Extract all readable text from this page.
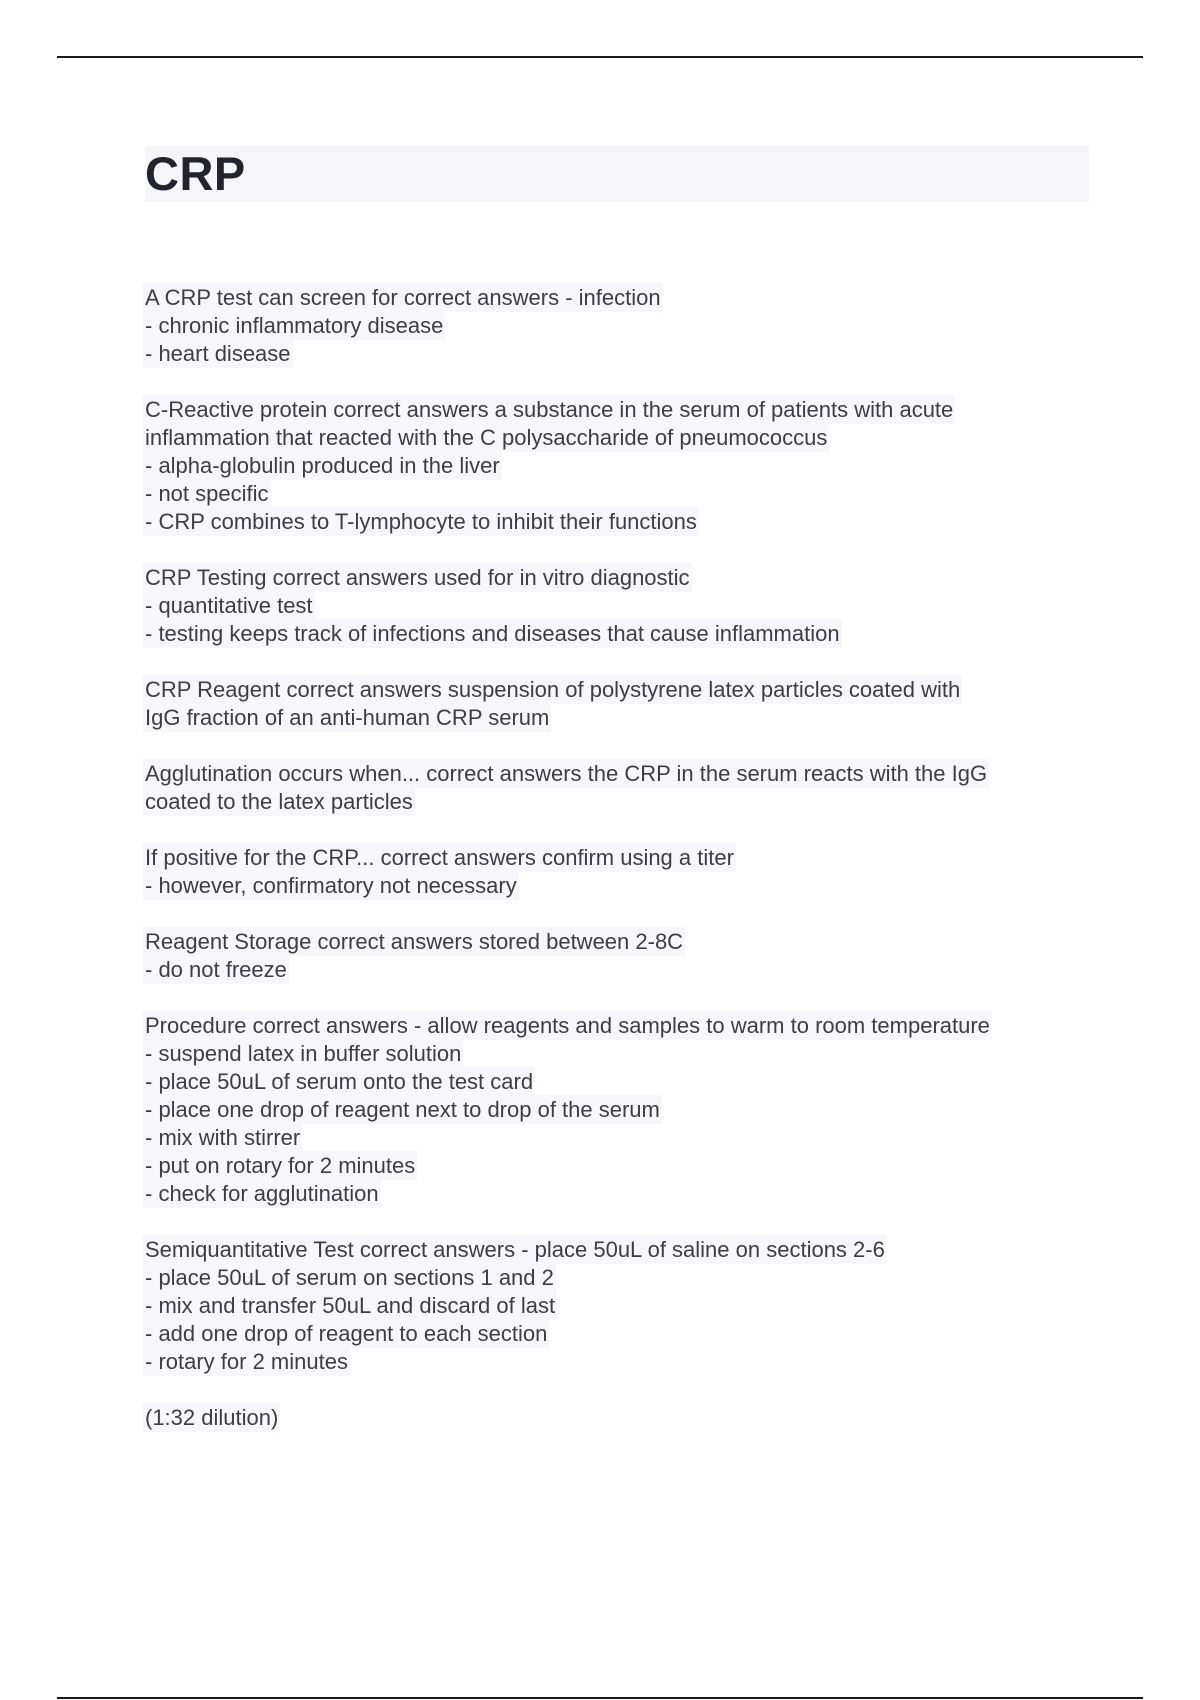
CRP
A CRP test can screen for correct answers - infection
- chronic inflammatory disease
- heart disease
C-Reactive protein correct answers a substance in the serum of patients with acute
inflammation that reacted with the C polysaccharide of pneumococcus
- alpha-globulin produced in the liver
- not specific
- CRP combines to T-lymphocyte to inhibit their functions
CRP Testing correct answers used for in vitro diagnostic
- quantitative test
- testing keeps track of infections and diseases that cause inflammation
CRP Reagent correct answers suspension of polystyrene latex particles coated with
IgG fraction of an anti-human CRP serum
Agglutination occurs when... correct answers the CRP in the serum reacts with the IgG
coated to the latex particles
If positive for the CRP... correct answers confirm using a titer
- however, confirmatory not necessary
Reagent Storage correct answers stored between 2-8C
- do not freeze
Procedure correct answers - allow reagents and samples to warm to room temperature
- suspend latex in buffer solution
- place 50uL of serum onto the test card
- place one drop of reagent next to drop of the serum
- mix with stirrer
- put on rotary for 2 minutes
- check for agglutination
Semiquantitative Test correct answers - place 50uL of saline on sections 2-6
- place 50uL of serum on sections 1 and 2
- mix and transfer 50uL and discard of last
- add one drop of reagent to each section
- rotary for 2 minutes
(1:32 dilution)
